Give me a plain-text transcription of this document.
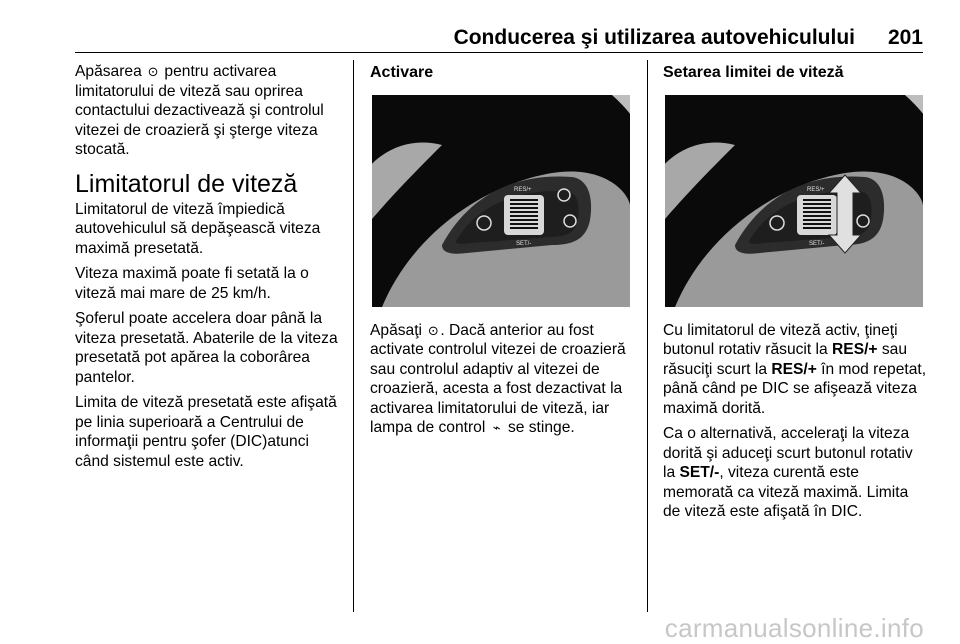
Conducerea şi utilizarea autovehiculului 201

Apăsarea ⊙ pentru activarea limitatorului de viteză sau oprirea contactului dezactivează şi controlul vitezei de croazieră şi şterge viteza stocată.

Limitatorul de viteză

Limitatorul de viteză împiedică autovehiculul să depăşească viteza maximă presetată.

Viteza maximă poate fi setată la o viteză mai mare de 25 km/h.

Şoferul poate accelera doar până la viteza presetată. Abaterile de la viteza presetată pot apărea la coborârea pantelor.

Limita de viteză presetată este afişată pe linia superioară a Centrului de informaţii pentru şofer (DIC)atunci când sistemul este activ.

Activare
RES/+
SET/-

Apăsaţi ⊙. Dacă anterior au fost activate controlul vitezei de croazieră sau controlul adaptiv al vitezei de croazieră, acesta a fost dezactivat la activarea limitatorului de viteză, iar lampa de control ⌁ se stinge.

Setarea limitei de viteză
RES/+
SET/-

Cu limitatorul de viteză activ, ţineţi butonul rotativ răsucit la RES/+ sau răsuciţi scurt la RES/+ în mod repetat, până când pe DIC se afişează viteza maximă dorită.

Ca o alternativă, acceleraţi la viteza dorită şi aduceţi scurt butonul rotativ la SET/-, viteza curentă este memorată ca viteză maximă. Limita de viteză este afişată în DIC.

carmanualsonline.info
